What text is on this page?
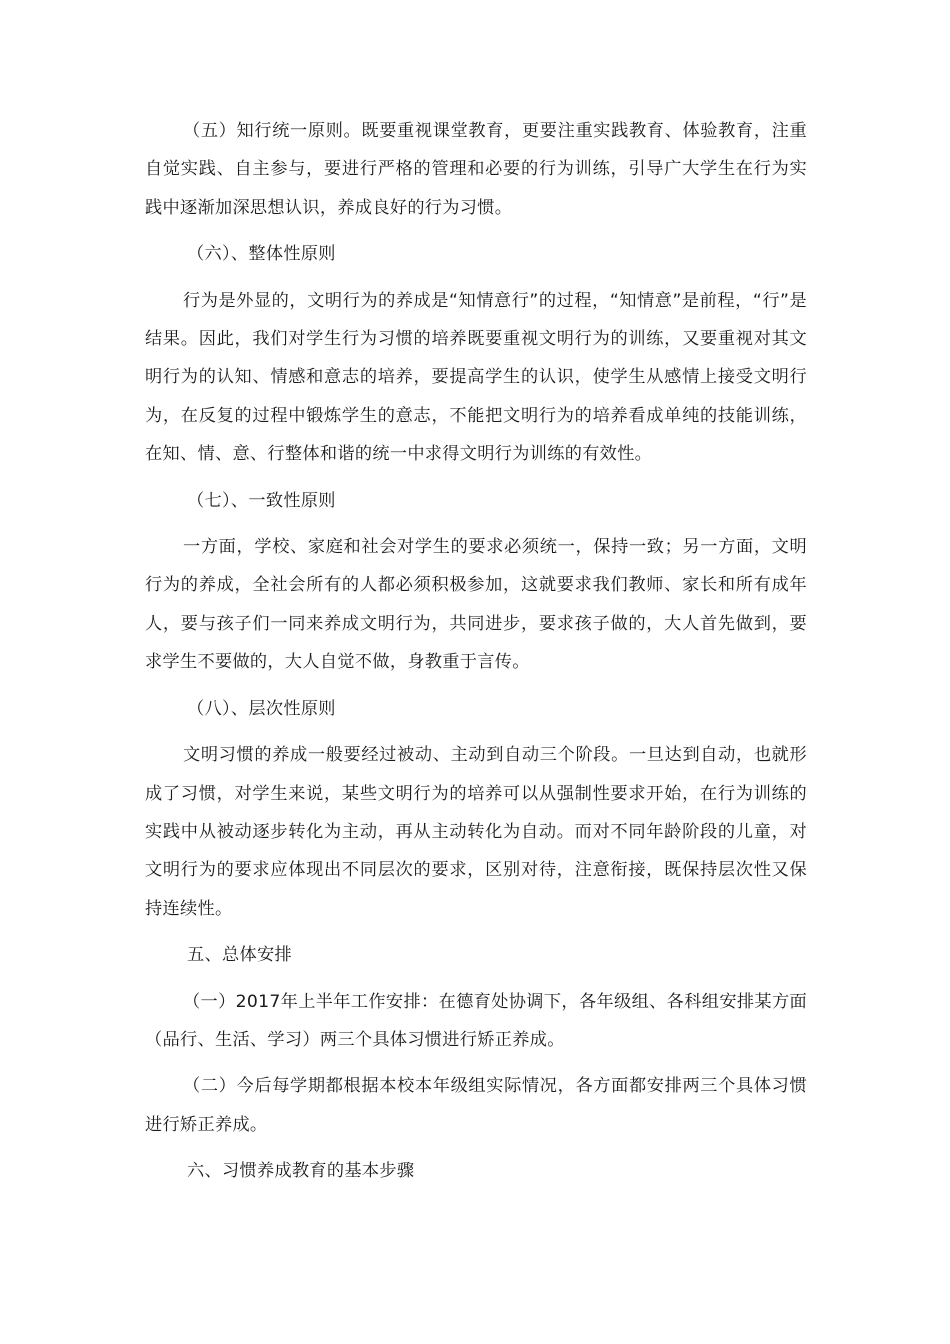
（五）知行统一原则。既要重视课堂教育，更要注重实践教育、体验教育，注重自觉实践、自主参与，要进行严格的管理和必要的行为训练，引导广大学生在行为实践中逐渐加深思想认识，养成良好的行为习惯。

（六）、整体性原则

行为是外显的，文明行为的养成是“知情意行”的过程，“知情意”是前程，“行”是结果。因此，我们对学生行为习惯的培养既要重视文明行为的训练，又要重视对其文明行为的认知、情感和意志的培养，要提高学生的认识，使学生从感情上接受文明行为，在反复的过程中锻炼学生的意志，不能把文明行为的培养看成单纯的技能训练，在知、情、意、行整体和谐的统一中求得文明行为训练的有效性。

（七）、一致性原则

一方面，学校、家庭和社会对学生的要求必须统一，保持一致；另一方面，文明行为的养成，全社会所有的人都必须积极参加，这就要求我们教师、家长和所有成年人，要与孩子们一同来养成文明行为，共同进步，要求孩子做的，大人首先做到，要求学生不要做的，大人自觉不做，身教重于言传。

（八）、层次性原则

文明习惯的养成一般要经过被动、主动到自动三个阶段。一旦达到自动，也就形成了习惯，对学生来说，某些文明行为的培养可以从强制性要求开始，在行为训练的实践中从被动逐步转化为主动，再从主动转化为自动。而对不同年龄阶段的儿童，对文明行为的要求应体现出不同层次的要求，区别对待，注意衔接，既保持层次性又保持连续性。

五、总体安排

（一）2017年上半年工作安排：在德育处协调下，各年级组、各科组安排某方面（品行、生活、学习）两三个具体习惯进行矫正养成。

（二）今后每学期都根据本校本年级组实际情况，各方面都安排两三个具体习惯进行矫正养成。

六、习惯养成教育的基本步骤
